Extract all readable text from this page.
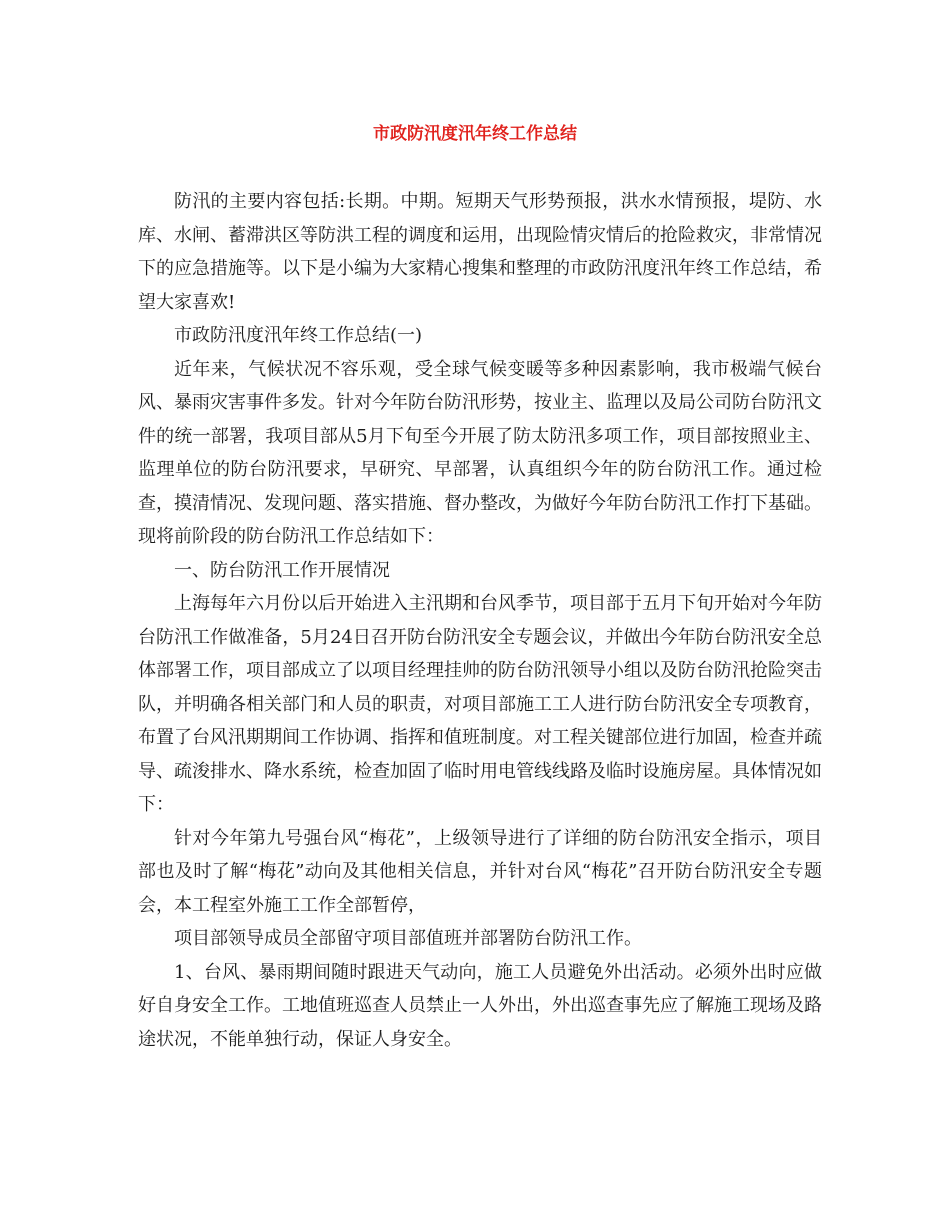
市政防汛度汛年终工作总结

防汛的主要内容包括:长期。中期。短期天气形势预报，洪水水情预报，堤防、水库、水闸、蓄滞洪区等防洪工程的调度和运用，出现险情灾情后的抢险救灾，非常情况下的应急措施等。以下是小编为大家精心搜集和整理的市政防汛度汛年终工作总结，希望大家喜欢!

市政防汛度汛年终工作总结(一)

近年来，气候状况不容乐观，受全球气候变暖等多种因素影响，我市极端气候台风、暴雨灾害事件多发。针对今年防台防汛形势，按业主、监理以及局公司防台防汛文件的统一部署，我项目部从5月下旬至今开展了防太防汛多项工作，项目部按照业主、监理单位的防台防汛要求，早研究、早部署，认真组织今年的防台防汛工作。通过检查，摸清情况、发现问题、落实措施、督办整改，为做好今年防台防汛工作打下基础。现将前阶段的防台防汛工作总结如下：

一、防台防汛工作开展情况

上海每年六月份以后开始进入主汛期和台风季节，项目部于五月下旬开始对今年防台防汛工作做准备，5月24日召开防台防汛安全专题会议，并做出今年防台防汛安全总体部署工作，项目部成立了以项目经理挂帅的防台防汛领导小组以及防台防汛抢险突击队，并明确各相关部门和人员的职责，对项目部施工工人进行防台防汛安全专项教育，布置了台风汛期期间工作协调、指挥和值班制度。对工程关键部位进行加固，检查并疏导、疏浚排水、降水系统，检查加固了临时用电管线线路及临时设施房屋。具体情况如下：

针对今年第九号强台风“梅花”，上级领导进行了详细的防台防汛安全指示，项目部也及时了解“梅花”动向及其他相关信息，并针对台风“梅花”召开防台防汛安全专题会，本工程室外施工工作全部暂停，

项目部领导成员全部留守项目部值班并部署防台防汛工作。

1、台风、暴雨期间随时跟进天气动向，施工人员避免外出活动。必须外出时应做好自身安全工作。工地值班巡查人员禁止一人外出，外出巡查事先应了解施工现场及路途状况，不能单独行动，保证人身安全。
